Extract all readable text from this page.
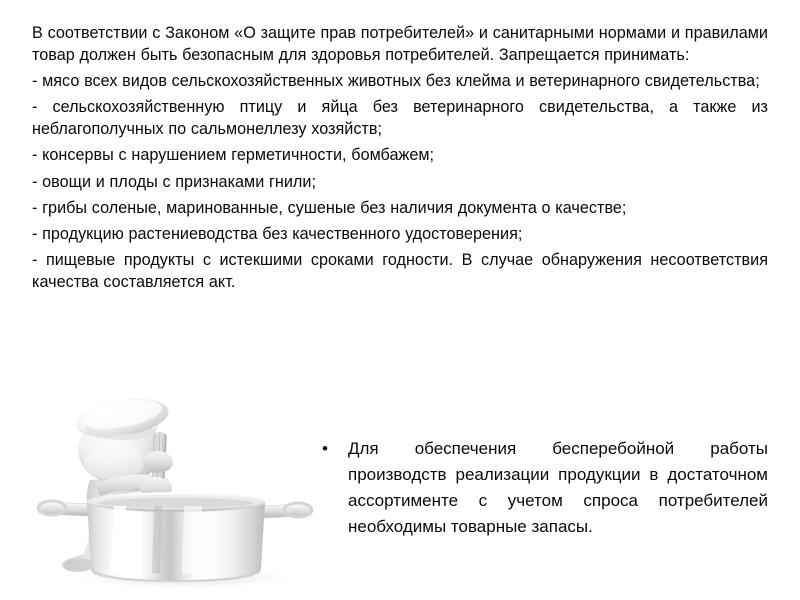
В соответствии с Законом «О защите прав потребителей» и санитарными нормами и правилами товар должен быть безопасным для здоровья потребителей. Запрещается принимать:

- мясо всех видов сельскохозяйственных животных без клейма и ветеринарного свидетельства;

- сельскохозяйственную птицу и яйца без ветеринарного свидетельства, а также из неблагополучных по сальмонеллезу хозяйств;

- консервы с нарушением герметичности, бомбажем;

- овощи и плоды с признаками гнили;

- грибы соленые, маринованные, сушеные без наличия документа о качестве;

- продукцию растениеводства без качественного удостоверения;

- пищевые продукты с истекшими сроками годности. В случае обнаружения несоответствия качества составляется акт.

•	Для обеспечения бесперебойной работы производств реализации продукции в достаточном ассортименте с учетом спроса потребителей необходимы товарные запасы.
